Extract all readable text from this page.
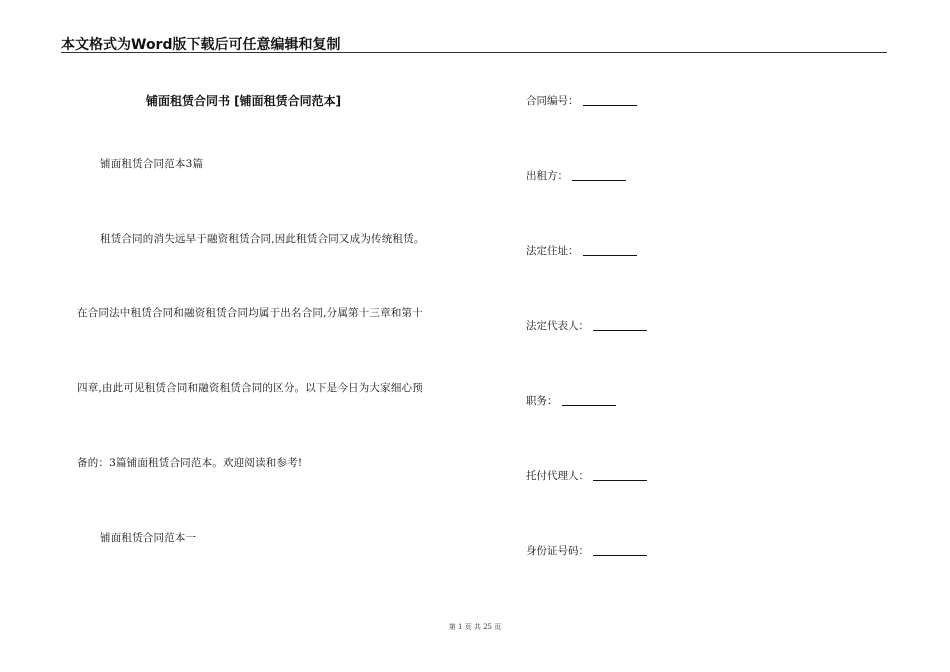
本文格式为Word版下载后可任意编辑和复制
铺面租赁合同书 [铺面租赁合同范本]
铺面租赁合同范本3篇
租赁合同的消失远早于融资租赁合同,因此租赁合同又成为传统租赁。
在合同法中租赁合同和融资租赁合同均属于出名合同,分属第十三章和第十
四章,由此可见租赁合同和融资租赁合同的区分。以下是今日为大家细心预
备的：3篇铺面租赁合同范本。欢迎阅读和参考!
铺面租赁合同范本一
合同编号：
出租方：
法定住址：
法定代表人：
职务：
托付代理人：
身份证号码：
第 1 页 共 25 页
